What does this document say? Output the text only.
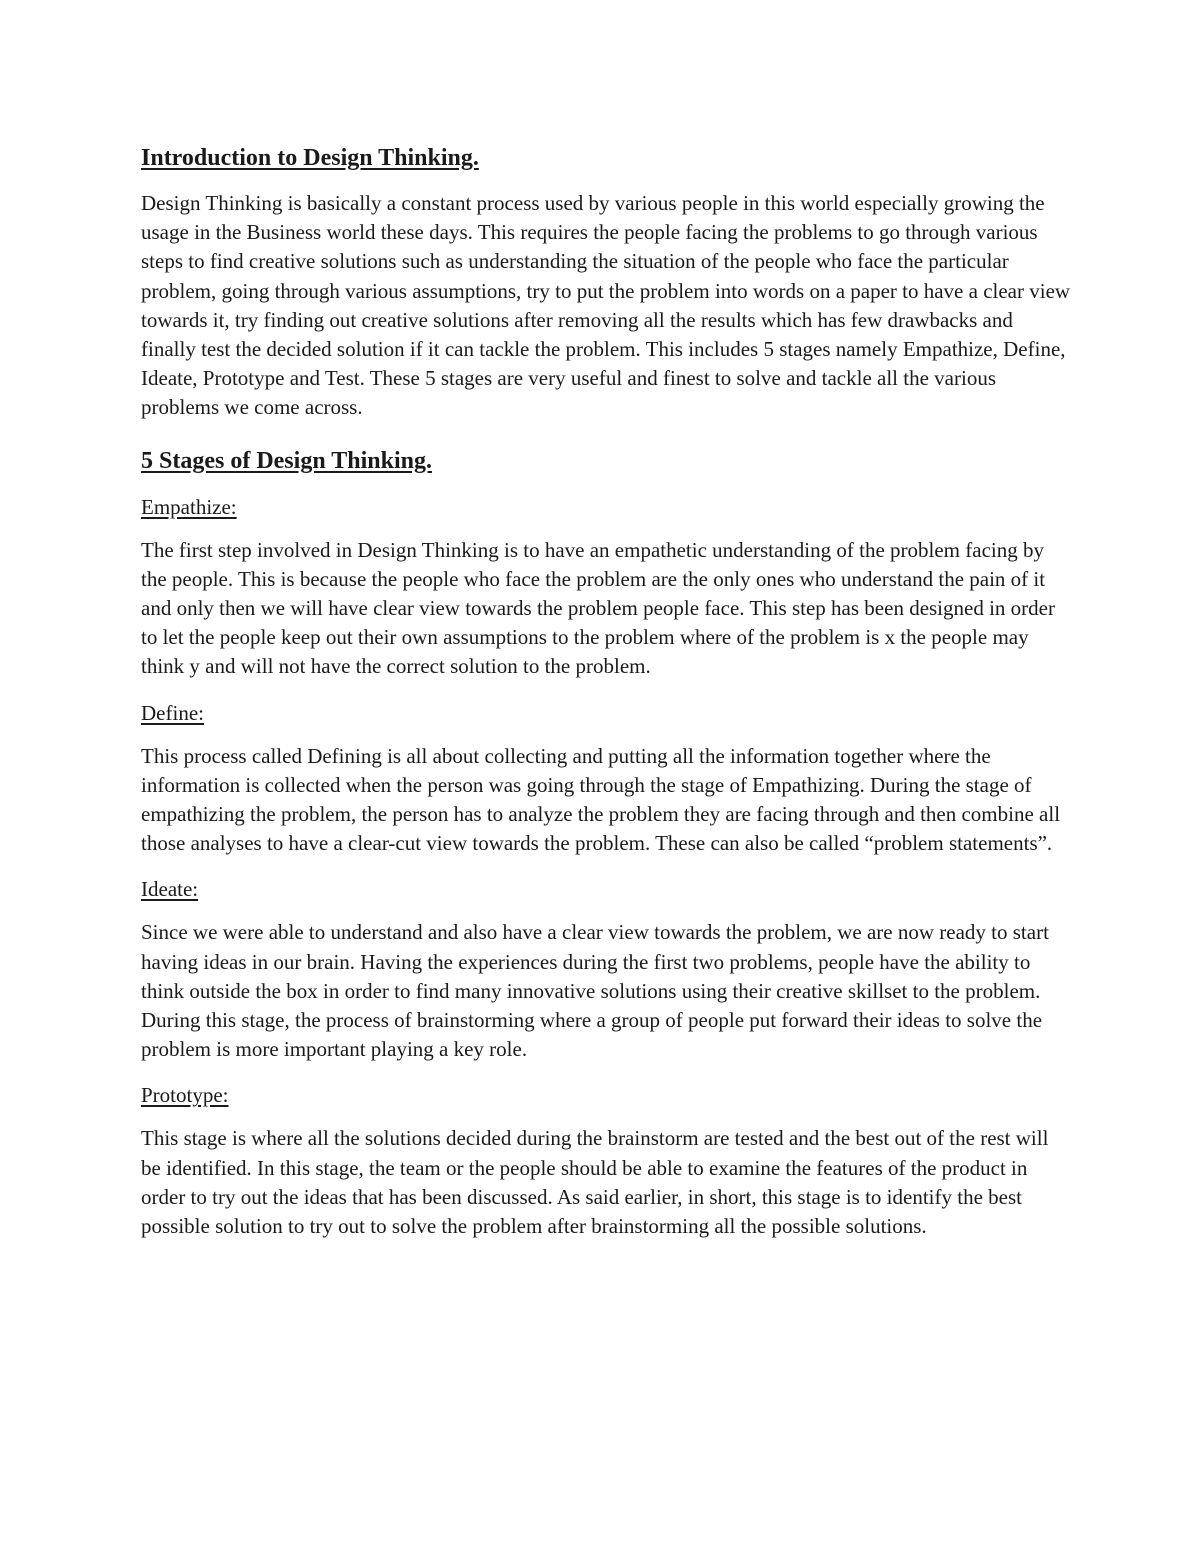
Introduction to Design Thinking.

Design Thinking is basically a constant process used by various people in this world especially growing the usage in the Business world these days. This requires the people facing the problems to go through various steps to find creative solutions such as understanding the situation of the people who face the particular problem, going through various assumptions, try to put the problem into words on a paper to have a clear view towards it, try finding out creative solutions after removing all the results which has few drawbacks and finally test the decided solution if it can tackle the problem. This includes 5 stages namely Empathize, Define, Ideate, Prototype and Test. These 5 stages are very useful and finest to solve and tackle all the various problems we come across.

5 Stages of Design Thinking.
Empathize:

The first step involved in Design Thinking is to have an empathetic understanding of the problem facing by the people. This is because the people who face the problem are the only ones who understand the pain of it and only then we will have clear view towards the problem people face. This step has been designed in order to let the people keep out their own assumptions to the problem where of the problem is x the people may think y and will not have the correct solution to the problem.

Define:

This process called Defining is all about collecting and putting all the information together where the information is collected when the person was going through the stage of Empathizing. During the stage of empathizing the problem, the person has to analyze the problem they are facing through and then combine all those analyses to have a clear-cut view towards the problem. These can also be called “problem statements”.

Ideate:

Since we were able to understand and also have a clear view towards the problem, we are now ready to start having ideas in our brain. Having the experiences during the first two problems, people have the ability to think outside the box in order to find many innovative solutions using their creative skillset to the problem. During this stage, the process of brainstorming where a group of people put forward their ideas to solve the problem is more important playing a key role.

Prototype:

This stage is where all the solutions decided during the brainstorm are tested and the best out of the rest will be identified. In this stage, the team or the people should be able to examine the features of the product in order to try out the ideas that has been discussed. As said earlier, in short, this stage is to identify the best possible solution to try out to solve the problem after brainstorming all the possible solutions.
